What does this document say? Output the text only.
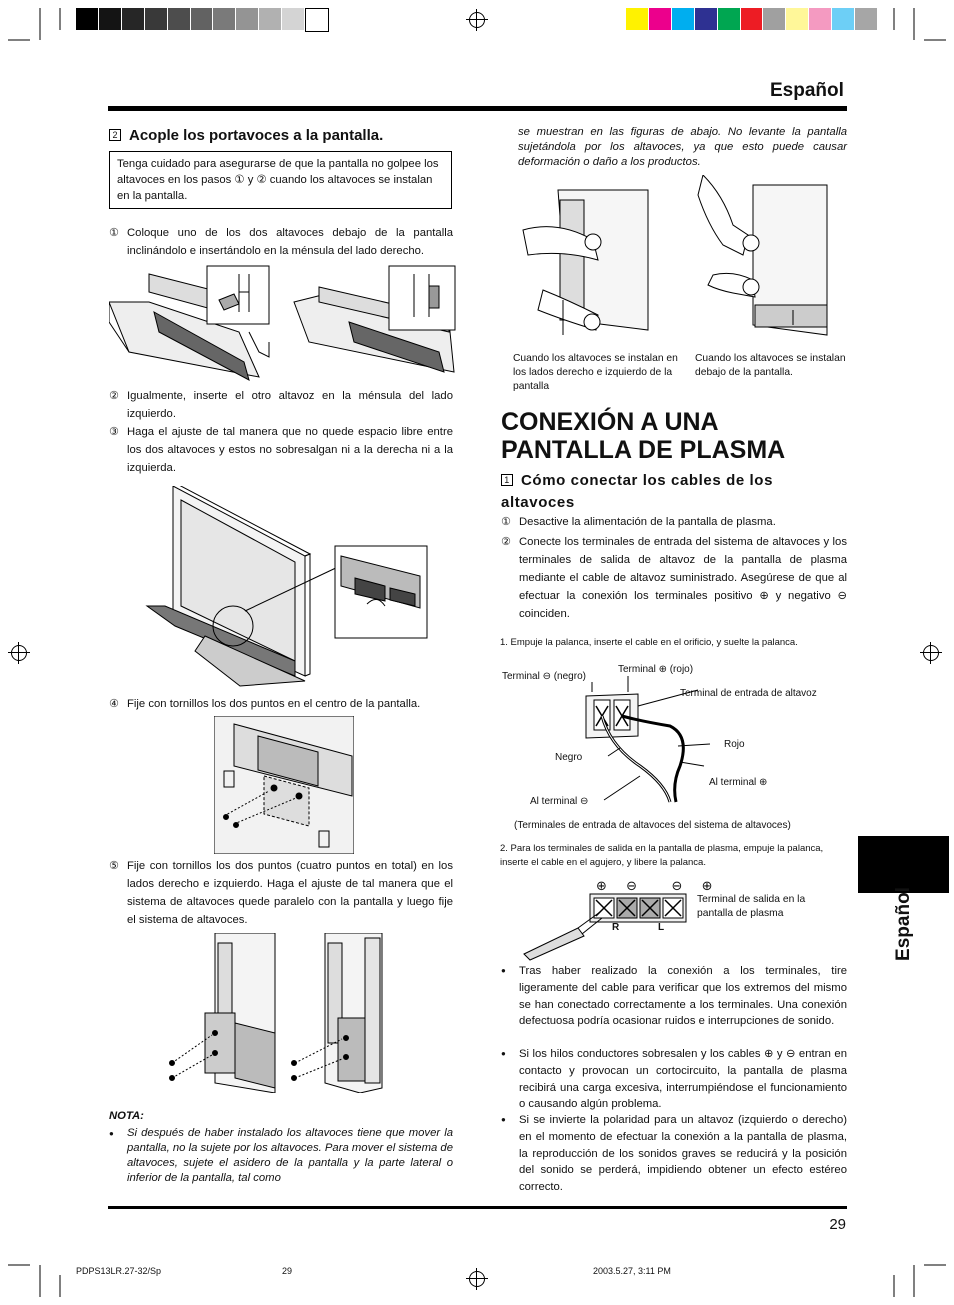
Español
2 Acople los portavoces a la pantalla.
Tenga cuidado para asegurarse de que la pantalla no golpee los altavoces en los pasos ① y ② cuando los altavoces se instalan en la pantalla.
① Coloque uno de los dos altavoces debajo de la pantalla inclinándolo e insertándolo en la ménsula del lado derecho.
② Igualmente, inserte el otro altavoz en la ménsula del lado izquierdo.
③ Haga el ajuste de tal manera que no quede espacio libre entre los dos altavoces y estos no sobresalgan ni a la derecha ni a la izquierda.
④ Fije con tornillos los dos puntos en el centro de la pantalla.
⑤ Fije con tornillos los dos puntos (cuatro puntos en total) en los lados derecho e izquierdo. Haga el ajuste de tal manera que el sistema de altavoces quede paralelo con la pantalla y luego fije el sistema de altavoces.
NOTA:
● Si después de haber instalado los altavoces tiene que mover la pantalla, no la sujete por los altavoces. Para mover el sistema de altavoces, sujete el asidero de la pantalla y la parte lateral o inferior de la pantalla, tal como
se muestran en las figuras de abajo. No levante la pantalla sujetándola por los altavoces, ya que esto puede causar deformación o daño a los productos.
Cuando los altavoces se instalan en los lados derecho e izquierdo de la pantalla
Cuando los altavoces se instalan debajo de la pantalla.
CONEXIÓN A UNA PANTALLA DE PLASMA
1 Cómo conectar los cables de los altavoces
① Desactive la alimentación de la pantalla de plasma.
② Conecte los terminales de entrada del sistema de altavoces y los terminales de salida de altavoz de la pantalla de plasma mediante el cable de altavoz suministrado. Asegúrese de que al efectuar la conexión los terminales positivo ⊕ y negativo ⊖ coinciden.
1. Empuje la palanca, inserte el cable en el orificio, y suelte la palanca.
Terminal ⊖ (negro)
Terminal ⊕ (rojo)
Terminal de entrada de altavoz
Rojo
Negro
Al terminal ⊕
Al terminal ⊖
(Terminales de entrada de altavoces del sistema de altavoces)
2. Para los terminales de salida en la pantalla de plasma, empuje la palanca, inserte el cable en el agujero, y libere la palanca.
⊕  ⊖    ⊖  ⊕
R	L
Terminal de salida en la pantalla de plasma
● Tras haber realizado la conexión a los terminales, tire ligeramente del cable para verificar que los extremos del mismo se han conectado correctamente a los terminales. Una conexión defectuosa podría ocasionar ruidos e interrupciones de sonido.
● Si los hilos conductores sobresalen y los cables ⊕ y ⊖ entran en contacto y provocan un cortocircuito, la pantalla de plasma recibirá una carga excesiva, interrumpiéndose el funcionamiento o causando algún problema.
● Si se invierte la polaridad para un altavoz (izquierdo o derecho) en el momento de efectuar la conexión a la pantalla de plasma, la reproducción de los sonidos graves se reducirá y la posición del sonido se perderá, impidiendo obtener un efecto estéreo correcto.
29
Español
PDPS13LR.27-32/Sp	29	2003.5.27, 3:11 PM
